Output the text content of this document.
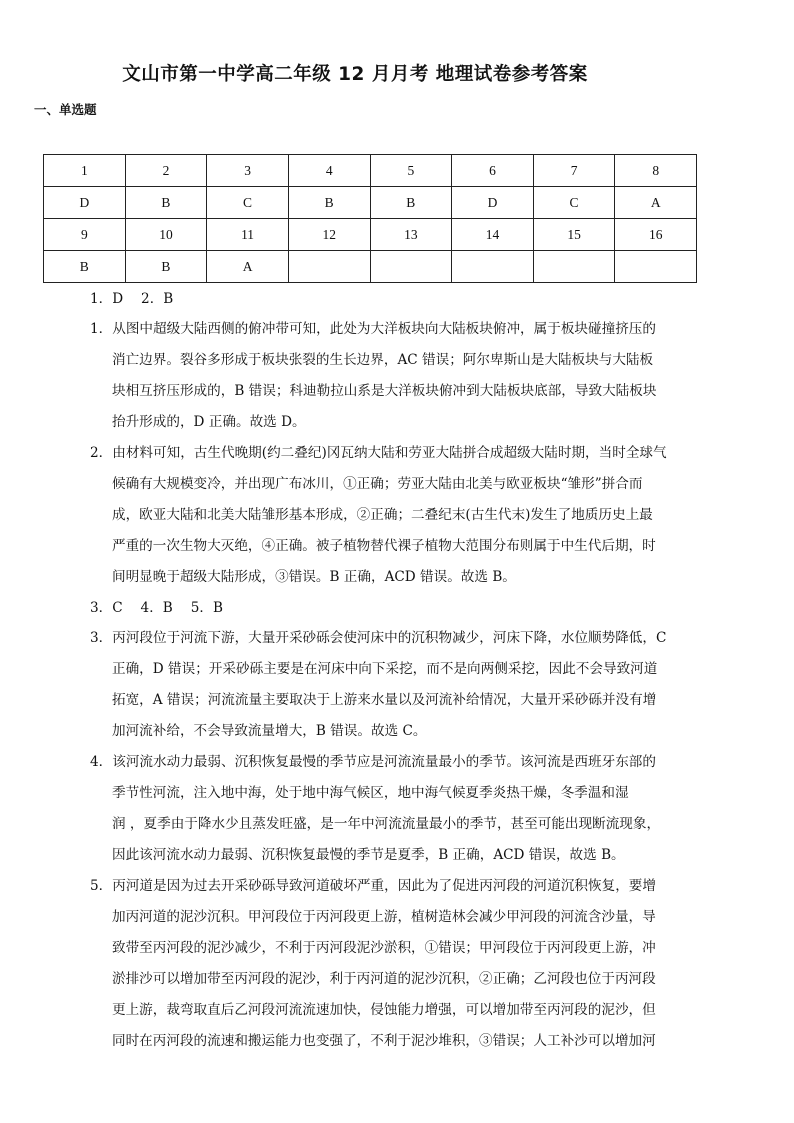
文山市第一中学高二年级 12 月月考 地理试卷参考答案
一、单选题
1	2	3	4	5	6	7	8
D	B	C	B	B	D	C	A
9	10	11	12	13	14	15	16
B	B	A					
1．D　 2．B
1．从图中超级大陆西侧的俯冲带可知，此处为大洋板块向大陆板块俯冲，属于板块碰撞挤压的
消亡边界。裂谷多形成于板块张裂的生长边界，AC 错误；阿尔卑斯山是大陆板块与大陆板
块相互挤压形成的，B 错误；科迪勒拉山系是大洋板块俯冲到大陆板块底部，导致大陆板块
抬升形成的，D 正确。故选 D。
2．由材料可知，古生代晚期(约二叠纪)冈瓦纳大陆和劳亚大陆拼合成超级大陆时期，当时全球气
候确有大规模变冷，并出现广布冰川，①正确；劳亚大陆由北美与欧亚板块“雏形”拼合而
成，欧亚大陆和北美大陆雏形基本形成，②正确；二叠纪末(古生代末)发生了地质历史上最
严重的一次生物大灭绝，④正确。被子植物替代裸子植物大范围分布则属于中生代后期，时
间明显晚于超级大陆形成，③错误。B 正确，ACD 错误。故选 B。
3．C　 4．B　 5．B
3．丙河段位于河流下游，大量开采砂砾会使河床中的沉积物减少，河床下降，水位顺势降低，C
正确，D 错误；开采砂砾主要是在河床中向下采挖，而不是向两侧采挖，因此不会导致河道
拓宽，A 错误；河流流量主要取决于上游来水量以及河流补给情况，大量开采砂砾并没有增
加河流补给，不会导致流量增大，B 错误。故选 C。
4．该河流水动力最弱、沉积恢复最慢的季节应是河流流量最小的季节。该河流是西班牙东部的
季节性河流，注入地中海，处于地中海气候区，地中海气候夏季炎热干燥，冬季温和湿
润 ，夏季由于降水少且蒸发旺盛，是一年中河流流量最小的季节，甚至可能出现断流现象，
因此该河流水动力最弱、沉积恢复最慢的季节是夏季，B 正确，ACD 错误，故选 B。
5．丙河道是因为过去开采砂砾导致河道破坏严重，因此为了促进丙河段的河道沉积恢复，要增
加丙河道的泥沙沉积。甲河段位于丙河段更上游，植树造林会减少甲河段的河流含沙量，导
致带至丙河段的泥沙减少，不利于丙河段泥沙淤积，①错误；甲河段位于丙河段更上游，冲
淤排沙可以增加带至丙河段的泥沙，利于丙河道的泥沙沉积，②正确；乙河段也位于丙河段
更上游，裁弯取直后乙河段河流流速加快，侵蚀能力增强，可以增加带至丙河段的泥沙，但
同时在丙河段的流速和搬运能力也变强了，不利于泥沙堆积，③错误；人工补沙可以增加河
